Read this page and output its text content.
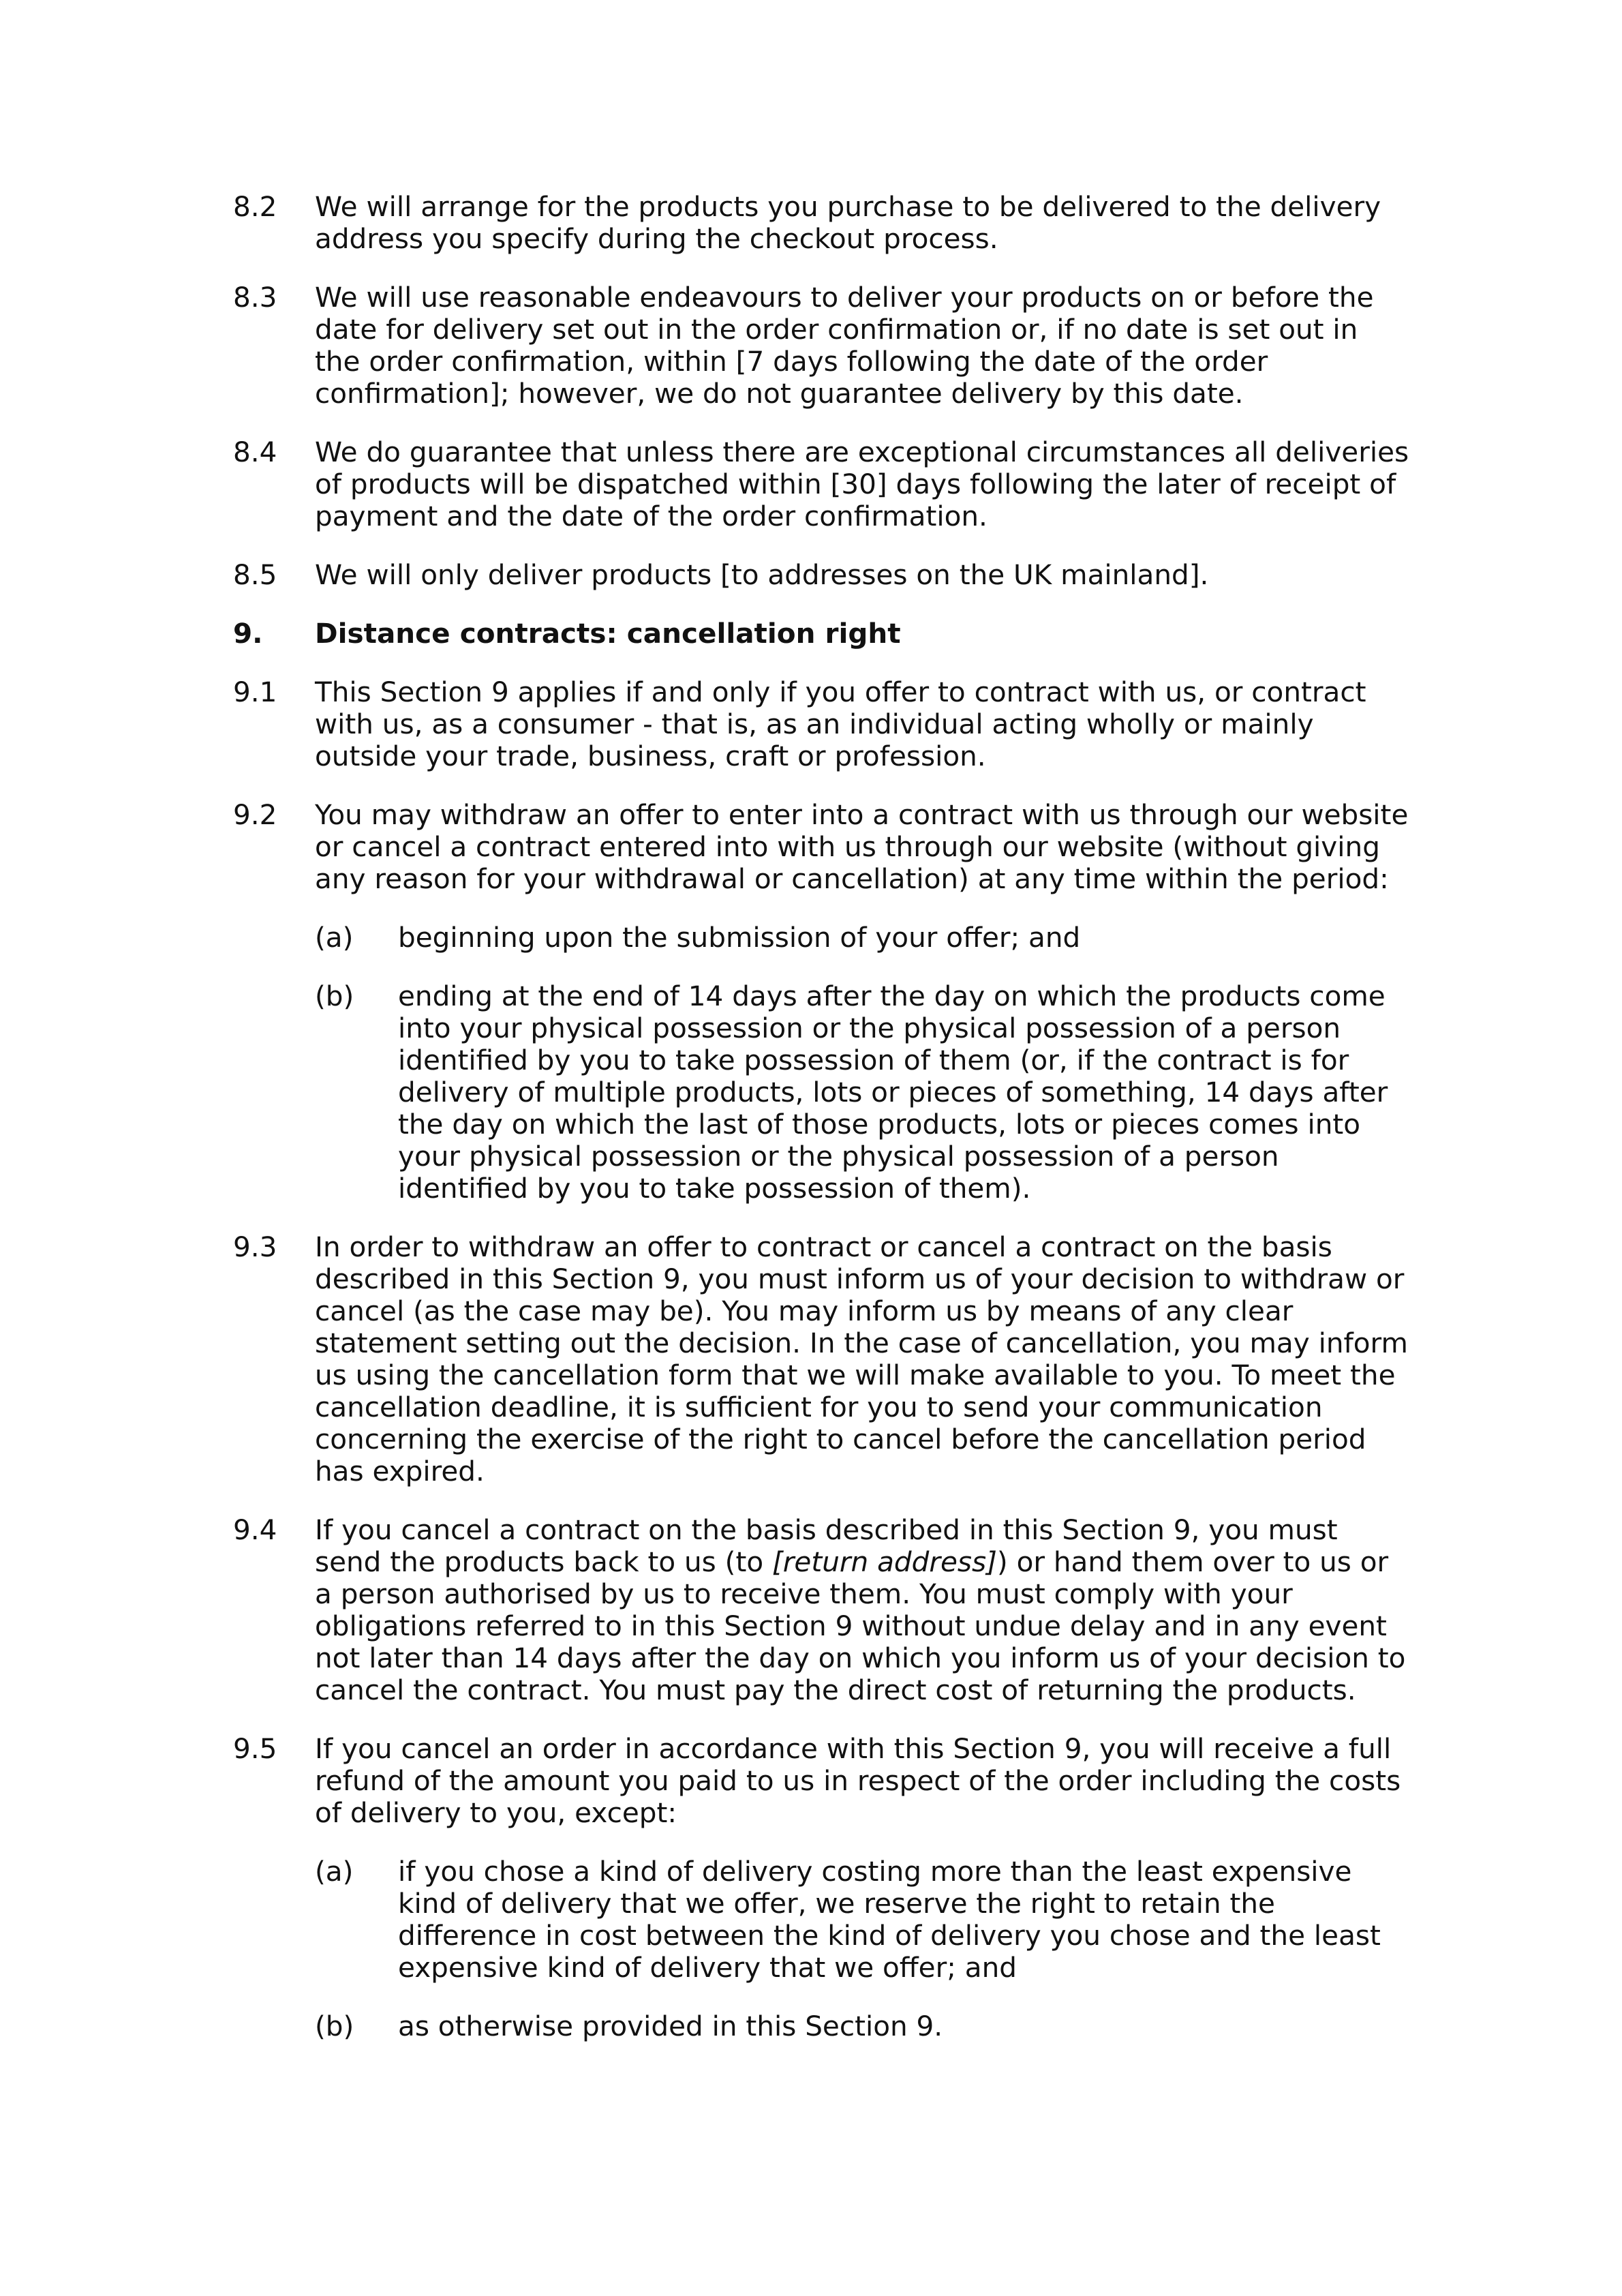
8.2	We will arrange for the products you purchase to be delivered to the delivery address you specify during the checkout process.
8.3	We will use reasonable endeavours to deliver your products on or before the date for delivery set out in the order confirmation or, if no date is set out in the order confirmation, within [7 days following the date of the order confirmation]; however, we do not guarantee delivery by this date.
8.4	We do guarantee that unless there are exceptional circumstances all deliveries of products will be dispatched within [30] days following the later of receipt of payment and the date of the order confirmation.
8.5	We will only deliver products [to addresses on the UK mainland].
9.	Distance contracts: cancellation right
9.1	This Section 9 applies if and only if you offer to contract with us, or contract with us, as a consumer - that is, as an individual acting wholly or mainly outside your trade, business, craft or profession.
9.2	You may withdraw an offer to enter into a contract with us through our website or cancel a contract entered into with us through our website (without giving any reason for your withdrawal or cancellation) at any time within the period:
(a)	beginning upon the submission of your offer; and
(b)	ending at the end of 14 days after the day on which the products come into your physical possession or the physical possession of a person identified by you to take possession of them (or, if the contract is for delivery of multiple products, lots or pieces of something, 14 days after the day on which the last of those products, lots or pieces comes into your physical possession or the physical possession of a person identified by you to take possession of them).
9.3	In order to withdraw an offer to contract or cancel a contract on the basis described in this Section 9, you must inform us of your decision to withdraw or cancel (as the case may be). You may inform us by means of any clear statement setting out the decision. In the case of cancellation, you may inform us using the cancellation form that we will make available to you. To meet the cancellation deadline, it is sufficient for you to send your communication concerning the exercise of the right to cancel before the cancellation period has expired.
9.4	If you cancel a contract on the basis described in this Section 9, you must send the products back to us (to [return address]) or hand them over to us or a person authorised by us to receive them. You must comply with your obligations referred to in this Section 9 without undue delay and in any event not later than 14 days after the day on which you inform us of your decision to cancel the contract. You must pay the direct cost of returning the products.
9.5	If you cancel an order in accordance with this Section 9, you will receive a full refund of the amount you paid to us in respect of the order including the costs of delivery to you, except:
(a)	if you chose a kind of delivery costing more than the least expensive kind of delivery that we offer, we reserve the right to retain the difference in cost between the kind of delivery you chose and the least expensive kind of delivery that we offer; and
(b)	as otherwise provided in this Section 9.
